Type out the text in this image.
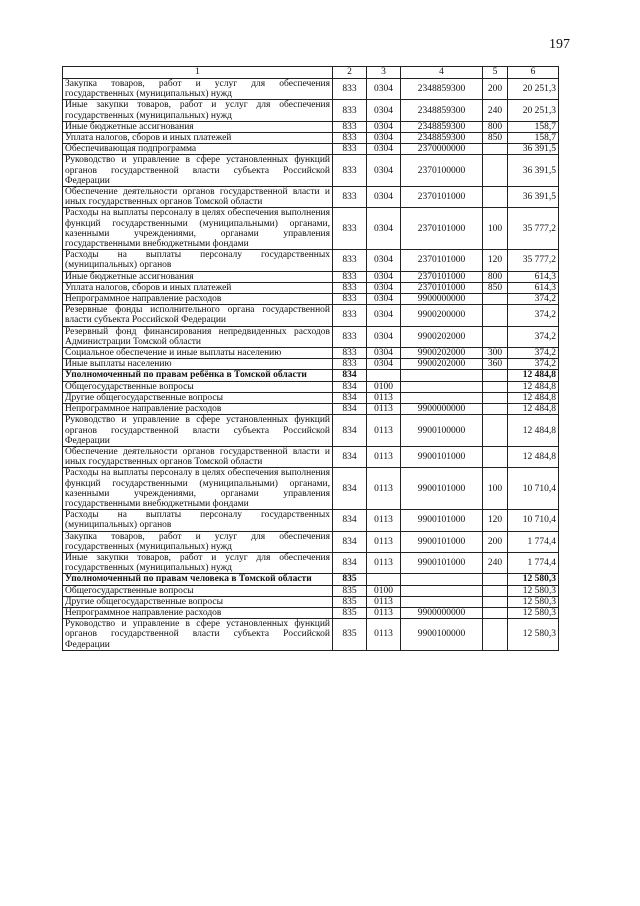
197
1	2	3	4	5	6
Закупка товаров, работ и услуг для обеспечения государственных (муниципальных) нужд	833	0304	2348859300	200	20 251,3
Иные закупки товаров, работ и услуг для обеспечения государственных (муниципальных) нужд	833	0304	2348859300	240	20 251,3
Иные бюджетные ассигнования	833	0304	2348859300	800	158,7
Уплата налогов, сборов и иных платежей	833	0304	2348859300	850	158,7
Обеспечивающая подпрограмма	833	0304	2370000000		36 391,5
Руководство и управление в сфере установленных функций органов государственной власти субъекта Российской Федерации	833	0304	2370100000		36 391,5
Обеспечение деятельности органов государственной власти и иных государственных органов Томской области	833	0304	2370101000		36 391,5
Расходы на выплаты персоналу в целях обеспечения выполнения функций государственными (муниципальными) органами, казенными учреждениями, органами управления государственными внебюджетными фондами	833	0304	2370101000	100	35 777,2
Расходы на выплаты персоналу государственных (муниципальных) органов	833	0304	2370101000	120	35 777,2
Иные бюджетные ассигнования	833	0304	2370101000	800	614,3
Уплата налогов, сборов и иных платежей	833	0304	2370101000	850	614,3
Непрограммное направление расходов	833	0304	9900000000		374,2
Резервные фонды исполнительного органа государственной власти субъекта Российской Федерации	833	0304	9900200000		374,2
Резервный фонд финансирования непредвиденных расходов Администрации Томской области	833	0304	9900202000		374,2
Социальное обеспечение и иные выплаты населению	833	0304	9900202000	300	374,2
Иные выплаты населению	833	0304	9900202000	360	374,2
Уполномоченный по правам ребёнка в Томской области	834				12 484,8
Общегосударственные вопросы	834	0100			12 484,8
Другие общегосударственные вопросы	834	0113			12 484,8
Непрограммное направление расходов	834	0113	9900000000		12 484,8
Руководство и управление в сфере установленных функций органов государственной власти субъекта Российской Федерации	834	0113	9900100000		12 484,8
Обеспечение деятельности органов государственной власти и иных государственных органов Томской области	834	0113	9900101000		12 484,8
Расходы на выплаты персоналу в целях обеспечения выполнения функций государственными (муниципальными) органами, казенными учреждениями, органами управления государственными внебюджетными фондами	834	0113	9900101000	100	10 710,4
Расходы на выплаты персоналу государственных (муниципальных) органов	834	0113	9900101000	120	10 710,4
Закупка товаров, работ и услуг для обеспечения государственных (муниципальных) нужд	834	0113	9900101000	200	1 774,4
Иные закупки товаров, работ и услуг для обеспечения государственных (муниципальных) нужд	834	0113	9900101000	240	1 774,4
Уполномоченный по правам человека в Томской области	835				12 580,3
Общегосударственные вопросы	835	0100			12 580,3
Другие общегосударственные вопросы	835	0113			12 580,3
Непрограммное направление расходов	835	0113	9900000000		12 580,3
Руководство и управление в сфере установленных функций органов государственной власти субъекта Российской Федерации	835	0113	9900100000		12 580,3
